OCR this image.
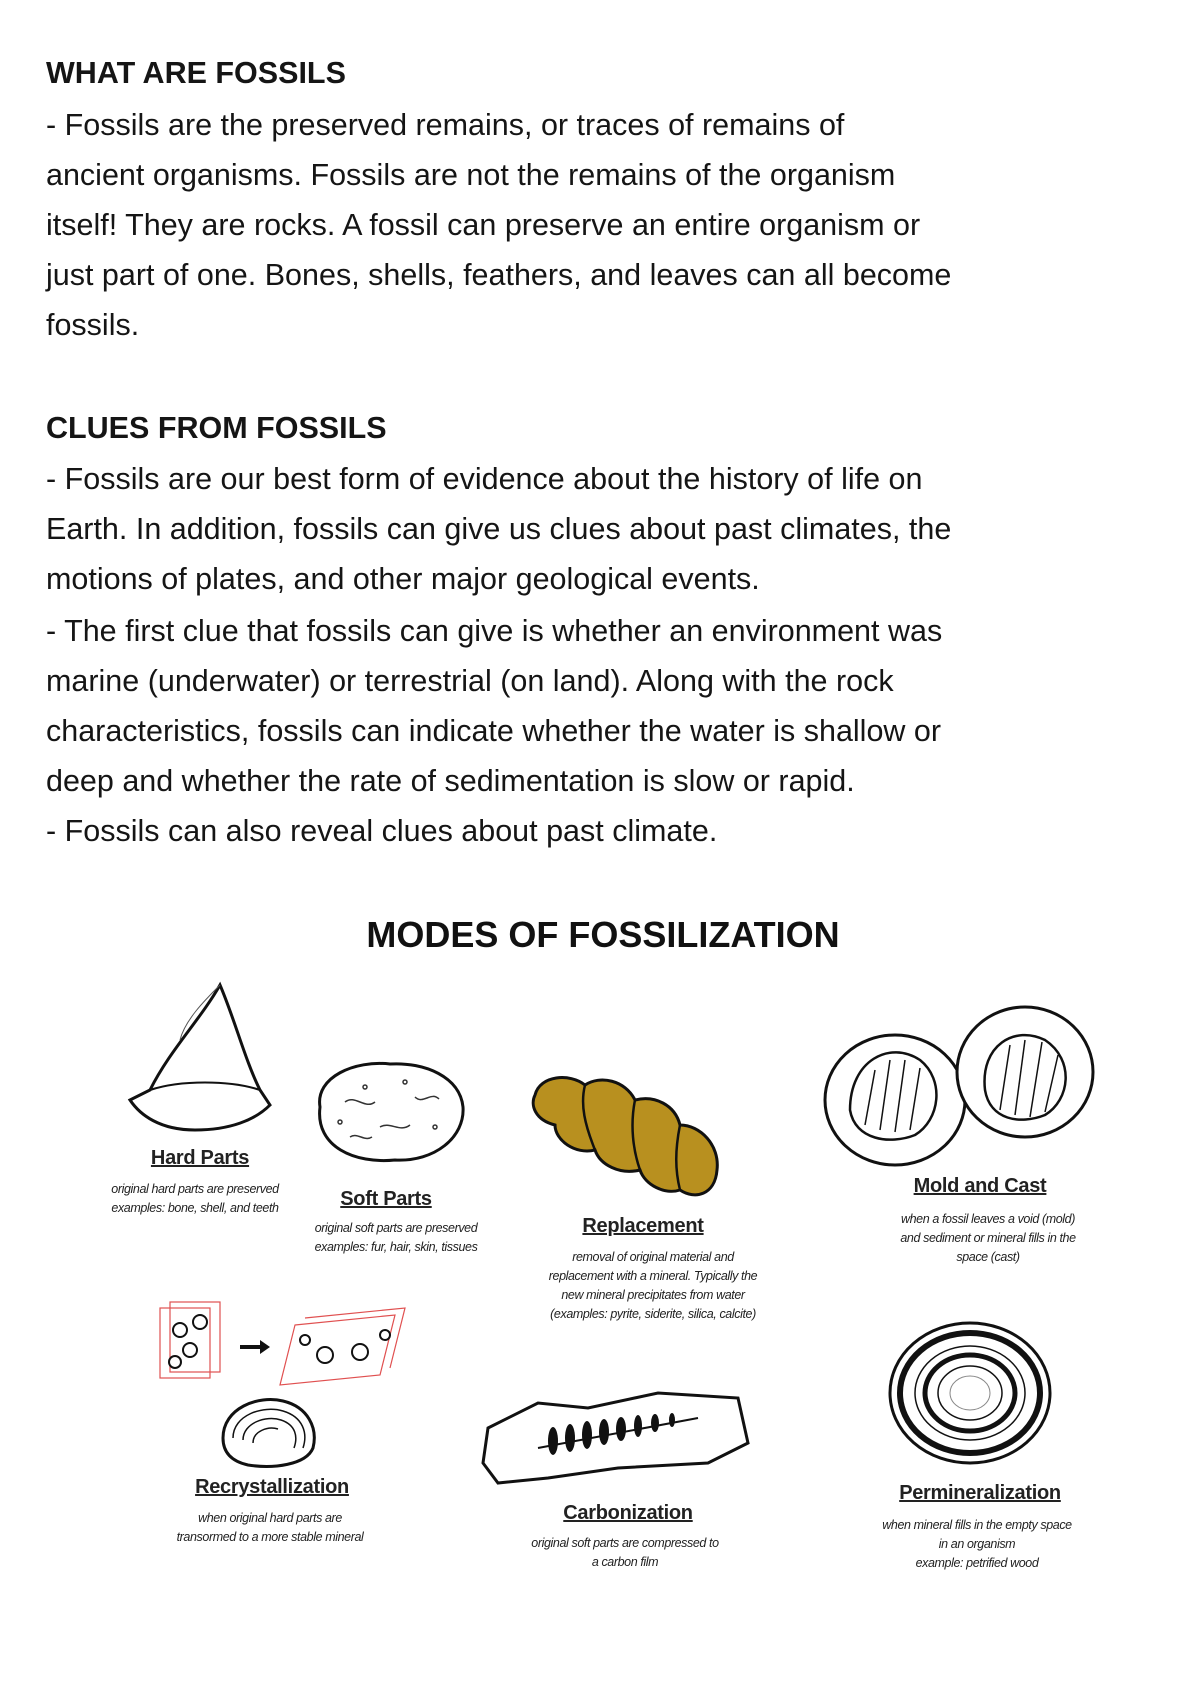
WHAT ARE FOSSILS
- Fossils are the preserved remains, or traces of remains of
ancient organisms. Fossils are not the remains of the organism
itself! They are rocks. A fossil can preserve an entire organism or
just part of one. Bones, shells, feathers, and leaves can all become
fossils.
CLUES FROM FOSSILS
- Fossils are our best form of evidence about the history of life on
Earth. In addition, fossils can give us clues about past climates, the
motions of plates, and other major geological events.
- The first clue that fossils can give is whether an environment was
marine (underwater) or terrestrial (on land). Along with the rock
characteristics, fossils can indicate whether the water is shallow or
deep and whether the rate of sedimentation is slow or rapid.
- Fossils can also reveal clues about past climate.
MODES OF FOSSILIZATION
Hard Parts
original hard parts are preserved
examples: bone, shell, and teeth	Soft Parts
original soft parts are preserved
examples: fur, hair, skin, tissues
Replacement
removal of original material and
replacement with a mineral. Typically the
new mineral precipitates from water
(examples: pyrite, siderite, silica, calcite)
Mold and Cast
when a fossil leaves a void (mold)
and sediment or mineral fills in the
space (cast)
Recrystallization
when original hard parts are
transormed to a more stable mineral
Carbonization
original soft parts are compressed to
a carbon film
Permineralization
when mineral fills in the empty space
in an organism
example: petrified wood
